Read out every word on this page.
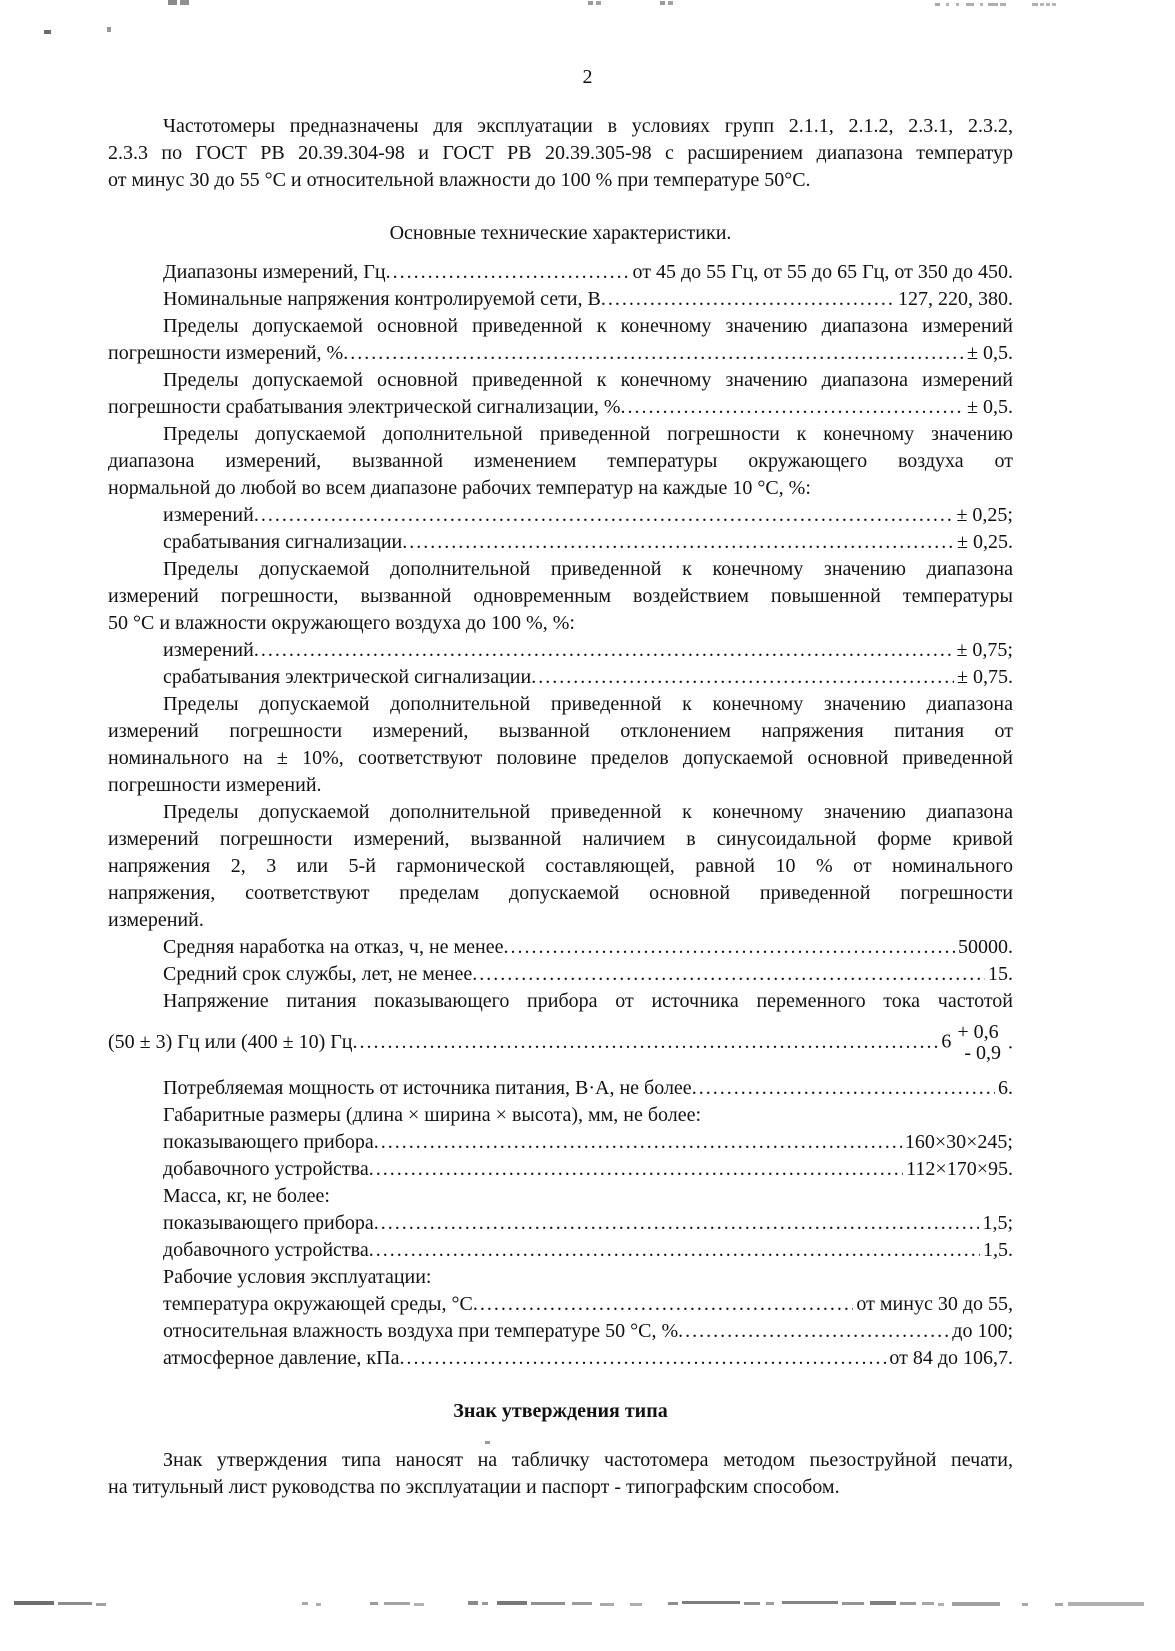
2
Частотомеры предназначены для эксплуатации в условиях групп 2.1.1, 2.1.2, 2.3.1, 2.3.2,
2.3.3 по ГОСТ РВ 20.39.304-98 и ГОСТ РВ 20.39.305-98 с расширением диапазона температур
от минус 30 до 55 °С и относительной влажности до 100 % при температуре 50°С.
Основные технические характеристики.
Диапазоны измерений, Гц .....	от 45 до 55 Гц, от 55 до 65 Гц, от 350 до 450.
Номинальные напряжения контролируемой сети, В .....	127, 220, 380.
Пределы допускаемой основной приведенной к конечному значению диапазона измерений
погрешности измерений, % .....	± 0,5.
Пределы допускаемой основной приведенной к конечному значению диапазона измерений
погрешности срабатывания электрической сигнализации, % .....	± 0,5.
Пределы допускаемой дополнительной приведенной погрешности к конечному значению
диапазона измерений, вызванной изменением температуры окружающего воздуха от
нормальной до любой во всем диапазоне рабочих температур на каждые 10 °С, %:
измерений .....	± 0,25;
срабатывания сигнализации .....	± 0,25.
Пределы допускаемой дополнительной приведенной к конечному значению диапазона
измерений погрешности, вызванной одновременным воздействием повышенной температуры
50 °С и влажности окружающего воздуха до 100 %, %:
измерений .....	± 0,75;
срабатывания электрической сигнализации .....	± 0,75.
Пределы допускаемой дополнительной приведенной к конечному значению диапазона
измерений погрешности измерений, вызванной отклонением напряжения питания от
номинального на ± 10%, соответствуют половине пределов допускаемой основной приведенной
погрешности измерений.
Пределы допускаемой дополнительной приведенной к конечному значению диапазона
измерений погрешности измерений, вызванной наличием в синусоидальной форме кривой
напряжения 2, 3 или 5-й гармонической составляющей, равной 10 % от номинального
напряжения, соответствуют пределам допускаемой основной приведенной погрешности
измерений.
Средняя наработка на отказ, ч, не менее .....	50000.
Средний срок службы, лет, не менее .....	15.
Напряжение питания показывающего прибора от источника переменного тока частотой
(50 ± 3) Гц или (400 ± 10) Гц .....	6 + 0,6
- 0,9 .
Потребляемая мощность от источника питания, В·А, не более .....	6.
Габаритные размеры (длина × ширина × высота), мм, не более:
показывающего прибора .....	160×30×245;
добавочного устройства .....	112×170×95.
Масса, кг, не более:
показывающего прибора .....	1,5;
добавочного устройства .....	1,5.
Рабочие условия эксплуатации:
температура окружающей среды, °С .....	от минус 30 до 55,
относительная влажность воздуха при температуре 50 °С, % .....	до 100;
атмосферное давление, кПа .....	от 84 до 106,7.
Знак утверждения типа
Знак утверждения типа наносят на табличку частотомера методом пьезоструйной печати,
на титульный лист руководства по эксплуатации и паспорт - типографским способом.
